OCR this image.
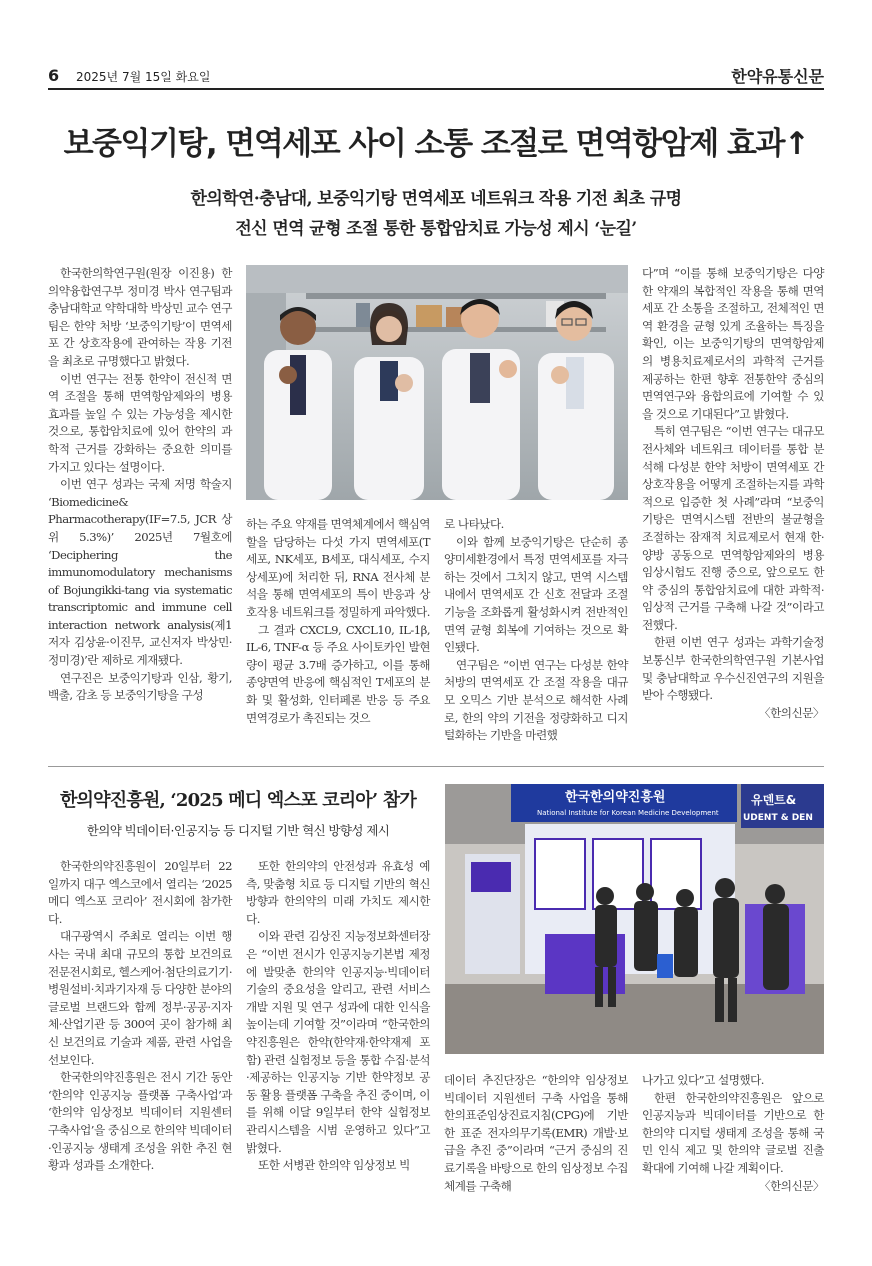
6 2025년 7월 15일 화요일	한약유통신문
보중익기탕, 면역세포 사이 소통 조절로 면역항암제 효과↑
한의학연·충남대, 보중익기탕 면역세포 네트워크 작용 기전 최초 규명
전신 면역 균형 조절 통한 통합암치료 가능성 제시 ‘눈길’

한국한의학연구원(원장 이진용) 한의약융합연구부 정미경 박사 연구팀과 충남대학교 약학대학 박상민 교수 연구팀은 한약 처방 ‘보중익기탕’이 면역세포 간 상호작용에 관여하는 작용 기전을 최초로 규명했다고 밝혔다.

이번 연구는 전통 한약이 전신적 면역 조절을 통해 면역항암제와의 병용 효과를 높일 수 있는 가능성을 제시한 것으로, 통합암치료에 있어 한약의 과학적 근거를 강화하는 중요한 의미를 가지고 있다는 설명이다.

이번 연구 성과는 국제 저명 학술지 ‘Biomedicine& Pharmacotherapy(IF=7.5, JCR 상위 5.3%)’ 2025년 7월호에 ‘Deciphering the immunomodulatory mechanisms of Bojungikki-tang via systematic transcriptomic and immune cell interaction network analysis(제1저자 김상윤·이진무, 교신저자 박상민·정미경)’란 제하로 게재됐다.

연구진은 보중익기탕과 인삼, 황기, 백출, 감초 등 보중익기탕을 구성

하는 주요 약재를 면역체계에서 핵심역할을 담당하는 다섯 가지 면역세포(T세포, NK세포, B세포, 대식세포, 수지상세포)에 처리한 뒤, RNA 전사체 분석을 통해 면역세포의 특이 반응과 상호작용 네트워크를 정밀하게 파악했다.

그 결과 CXCL9, CXCL10, IL-1β, IL-6, TNF-α 등 주요 사이토카인 발현량이 평균 3.7배 증가하고, 이를 통해 종양면역 반응에 핵심적인 T세포의 분화 및 활성화, 인터페론 반응 등 주요 면역경로가 촉진되는 것으

로 나타났다.

이와 함께 보중익기탕은 단순히 종양미세환경에서 특정 면역세포를 자극하는 것에서 그치지 않고, 면역 시스템 내에서 면역세포 간 신호 전달과 조절 기능을 조화롭게 활성화시켜 전반적인 면역 균형 회복에 기여하는 것으로 확인됐다.

연구팀은 “이번 연구는 다성분 한약 처방의 면역세포 간 조절 작용을 대규모 오믹스 기반 분석으로 해석한 사례로, 한의 약의 기전을 정량화하고 디지털화하는 기반을 마련했

다”며 “이를 통해 보중익기탕은 다양한 약재의 복합적인 작용을 통해 면역세포 간 소통을 조절하고, 전체적인 면역 환경을 균형 있게 조율하는 특징을 확인, 이는 보중익기탕의 면역항암제의 병용치료제로서의 과학적 근거를 제공하는 한편 향후 전통한약 중심의 면역연구와 융합의료에 기여할 수 있을 것으로 기대된다”고 밝혔다.

특히 연구팀은 “이번 연구는 대규모 전사체와 네트워크 데이터를 통합 분석해 다성분 한약 처방이 면역세포 간 상호작용을 어떻게 조절하는지를 과학적으로 입증한 첫 사례”라며 “보중익기탕은 면역시스템 전반의 불균형을 조절하는 잠재적 치료제로서 현재 한·양방 공동으로 면역항암제와의 병용 임상시험도 진행 중으로, 앞으로도 한약 중심의 통합암치료에 대한 과학적·임상적 근거를 구축해 나갈 것”이라고 전했다.

한편 이번 연구 성과는 과학기술정보통신부 한국한의학연구원 기본사업 및 충남대학교 우수신진연구의 지원을 받아 수행됐다.

〈한의신문〉

한의약진흥원, ‘2025 메디 엑스포 코리아’ 참가
한의약 빅데이터·인공지능 등 디지털 기반 혁신 방향성 제시

한국한의약진흥원이 20일부터 22일까지 대구 엑스코에서 열리는 ‘2025 메디 엑스포 코리아’ 전시회에 참가한다.

대구광역시 주최로 열리는 이번 행사는 국내 최대 규모의 통합 보건의료 전문전시회로, 헬스케어·첨단의료기기·병원설비·치과기자재 등 다양한 분야의 글로벌 브랜드와 함께 정부·공공·지자체·산업기관 등 300여 곳이 참가해 최신 보건의료 기술과 제품, 관련 사업을 선보인다.

한국한의약진흥원은 전시 기간 동안 ‘한의약 인공지능 플랫폼 구축사업’과 ‘한의약 임상정보 빅데이터 지원센터 구축사업’을 중심으로 한의약 빅데이터·인공지능 생태계 조성을 위한 추진 현황과 성과를 소개한다.

또한 한의약의 안전성과 유효성 예측, 맞춤형 치료 등 디지털 기반의 혁신 방향과 한의약의 미래 가치도 제시한다.

이와 관련 김상진 지능정보화센터장은 “이번 전시가 인공지능기본법 제정에 발맞춘 한의약 인공지능·빅데이터 기술의 중요성을 알리고, 관련 서비스 개발 지원 및 연구 성과에 대한 인식을 높이는데 기여할 것”이라며 “한국한의약진흥원은 한약(한약재·한약재제 포함) 관련 실험정보 등을 통합 수집·분석·제공하는 인공지능 기반 한약정보 공동 활용 플랫폼 구축을 추진 중이며, 이를 위해 이달 9일부터 한약 실험정보 관리시스템을 시범 운영하고 있다”고 밝혔다.

또한 서병관 한의약 임상정보 빅

한국한의약진흥원
National Institute for Korean Medicine Development
유덴트&
UDENT & DEN

데이터 추진단장은 “한의약 임상정보 빅데이터 지원센터 구축 사업을 통해 한의표준임상진료지침(CPG)에 기반한 표준 전자의무기록(EMR) 개발·보급을 추진 중”이라며 “근거 중심의 진료기록을 바탕으로 한의 임상정보 수집 체계를 구축해

나가고 있다”고 설명했다.

한편 한국한의약진흥원은 앞으로 인공지능과 빅데이터를 기반으로 한 한의약 디지털 생태계 조성을 통해 국민 인식 제고 및 한의약 글로벌 진출 확대에 기여해 나갈 계획이다.

〈한의신문〉
